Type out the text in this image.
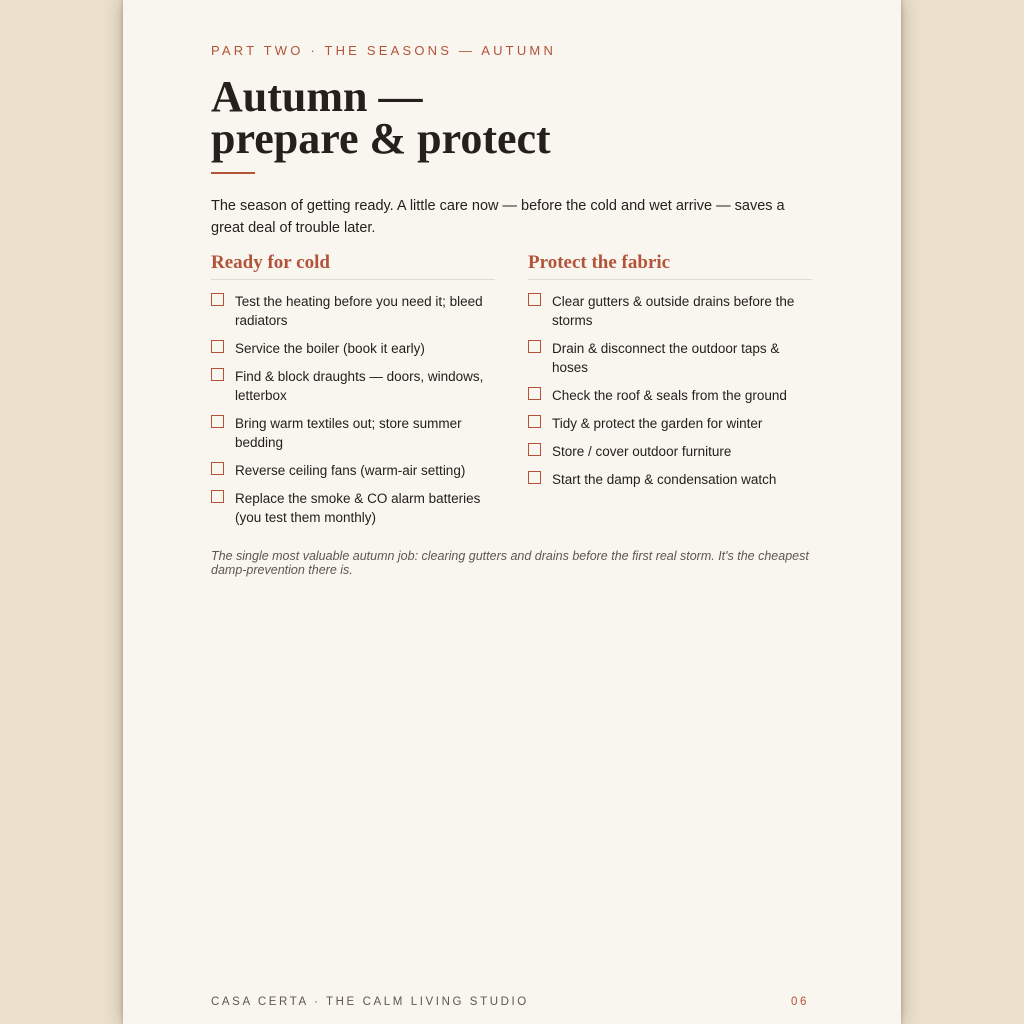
PART TWO · THE SEASONS — AUTUMN
Autumn —
prepare & protect

The season of getting ready. A little care now — before the cold and wet arrive — saves a great deal of trouble later.

Ready for cold
Test the heating before you need it; bleed radiators
Service the boiler (book it early)
Find & block draughts — doors, windows, letterbox
Bring warm textiles out; store summer bedding
Reverse ceiling fans (warm-air setting)
Replace the smoke & CO alarm batteries (you test them monthly)
Protect the fabric
Clear gutters & outside drains before the storms
Drain & disconnect the outdoor taps & hoses
Check the roof & seals from the ground
Tidy & protect the garden for winter
Store / cover outdoor furniture
Start the damp & condensation watch

The single most valuable autumn job: clearing gutters and drains before the first real storm. It's the cheapest damp-prevention there is.

CASA CERTA · THE CALM LIVING STUDIO	06
